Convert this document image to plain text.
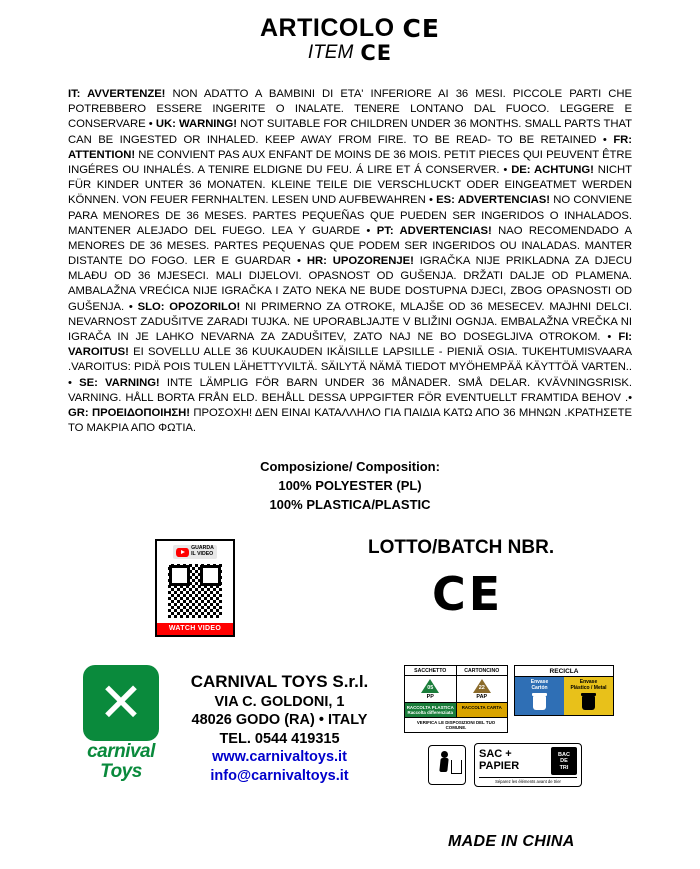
ARTICOLO CE
ITEM CE
IT: AVVERTENZE! NON ADATTO A BAMBINI DI ETA' INFERIORE AI 36 MESI. PICCOLE PARTI CHE POTREBBERO ESSERE INGERITE O INALATE. TENERE LONTANO DAL FUOCO. LEGGERE E CONSERVARE • UK: WARNING! NOT SUITABLE FOR CHILDREN UNDER 36 MONTHS. SMALL PARTS THAT CAN BE INGESTED OR INHALED. KEEP AWAY FROM FIRE. TO BE READ- TO BE RETAINED • FR: ATTENTION! NE CONVIENT PAS AUX ENFANT DE MOINS DE 36 MOIS. PETIT PIECES QUI PEUVENT ÊTRE INGÉRES OU INHALÉS. A TENIRE ELDIGNE DU FEU. Á LIRE ET Á CONSERVER. • DE: ACHTUNG! NICHT FÜR KINDER UNTER 36 MONATEN. KLEINE TEILE DIE VERSCHLUCKT ODER EINGEATMET WERDEN KÖNNEN. VON FEUER FERNHALTEN. LESEN UND AUFBEWAHREN • ES: ADVERTENCIAS! NO CONVIENE PARA MENORES DE 36 MESES. PARTES PEQUEÑAS QUE PUEDEN SER INGERIDOS O INHALADOS. MANTENER ALEJADO DEL FUEGO. LEA Y GUARDE • PT: ADVERTENCIAS! NAO RECOMENDADO A MENORES DE 36 MESES. PARTES PEQUENAS QUE PODEM SER INGERIDOS OU INALADAS. MANTER DISTANTE DO FOGO. LER E GUARDAR • HR: UPOZORENJE! IGRAČKA NIJE PRIKLADNA ZA DJECU MLAĐU OD 36 MJESECI. MALI DIJELOVI. OPASNOST OD GUŠENJA. DRŽATI DALJE OD PLAMENA. AMBALAŽNA VREĆICA NIJE IGRAČKA I ZATO NEKA NE BUDE DOSTUPNA DJECI, ZBOG OPASNOSTI OD GUŠENJA. • SLO: OPOZORILO! NI PRIMERNO ZA OTROKE, MLAJŠE OD 36 MESECEV. MAJHNI DELCI. NEVARNOST ZADUŠITVE ZARADI TUJKA. NE UPORABLJAJTE V BLIŽINI OGNJA. EMBALAŽNA VREČKA NI IGRAČA IN JE LAHKO NEVARNA ZA ZADUŠITEV, ZATO NAJ NE BO DOSEGLJIVA OTROKOM. • FI: VAROITUS! EI SOVELLU ALLE 36 KUUKAUDEN IKÄISILLE LAPSILLE - PIENIÄ OSIA. TUKEHTUMISVAARA .VAROITUS: PIDÄ POIS TULEN LÄHETTYVILTÄ. SÄILYTÄ NÄMÄ TIEDOT MYÖHEMPÄÄ KÄYTTÖÄ VARTEN.. • SE: VARNING! INTE LÄMPLIG FÖR BARN UNDER 36 MÅNADER. SMÅ DELAR. KVÄVNINGSRISK. VARNING. HÅLL BORTA FRÅN ELD. BEHÅLL DESSA UPPGIFTER FÖR EVENTUELLT FRAMTIDA BEHOV .• GR: ΠΡΟΕΙΔΟΠΟΙΗΣΗ! ΠΡΟΣΟΧΗ! ΔΕΝ ΕΙΝΑΙ ΚΑΤΑΛΛΗΛΟ ΓΙΑ ΠΑΙΔΙΑ ΚΑΤΩ ΑΠΟ 36 ΜΗΝΩΝ .ΚΡΑΤΗΣΕΤΕ ΤΟ ΜΑΚΡΙΑ ΑΠΟ ΦΩΤΙΑ.
Composizione/ Composition:
100% POLYESTER (PL)
100% PLASTICA/PLASTIC
GUARDA
IL VIDEO
WATCH VIDEO
LOTTO/BATCH NBR.
CE
✕
carnival
Toys
CARNIVAL TOYS S.r.l.
VIA C. GOLDONI, 1
48026 GODO (RA) • ITALY
TEL. 0544 419315
www.carnivaltoys.it
info@carnivaltoys.it
SACCHETTO	CARTONCINO
05
PP
22
PAP
RACCOLTA PLASTICA
Raccolta differenziata
RACCOLTA CARTA
VERIFICA LE DISPOSIZIONI DEL TUO COMUNE.
RECICLA
Envase
Cartón
Envase
Plástico / Metal
SAC +
PAPIER
BAC
DE
TRI
Séparez les éléments avant de trier
MADE IN CHINA
